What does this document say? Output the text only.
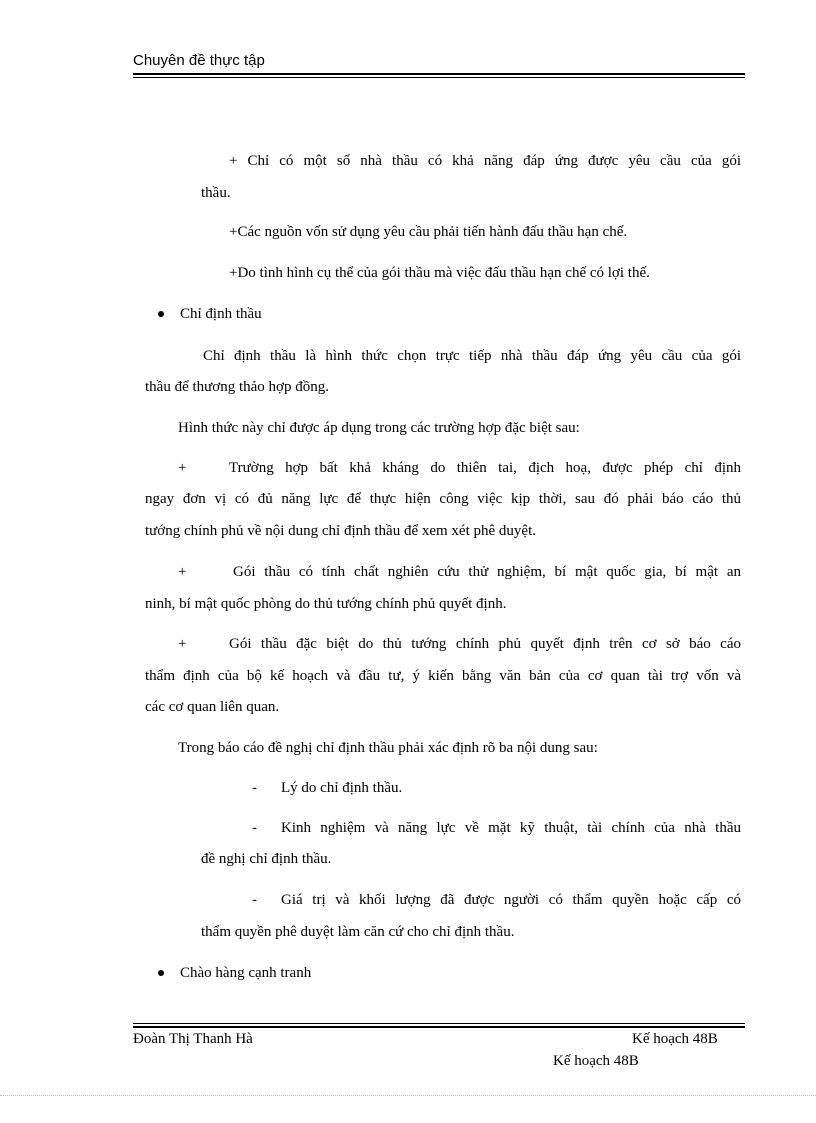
Chuyên đề thực tập
+ Chỉ có một số nhà thầu có khả năng đáp ứng được yêu cầu của gói
thầu.
+Các nguồn vốn sử dụng yêu cầu phải tiến hành đấu thầu hạn chế.
+Do tình hình cụ thể của gói thầu mà việc đấu thầu hạn chế có lợi thế.
Chỉ định thầu
Chỉ định thầu là hình thức chọn trực tiếp nhà thầu đáp ứng yêu cầu của gói
thầu để thương thảo hợp đồng.
Hình thức này chỉ được áp dụng trong các trường hợp đặc biệt sau:
+	Trường hợp bất khả kháng do thiên tai, địch hoạ, được phép chỉ định
ngay đơn vị có đủ năng lực để thực hiện công việc kịp thời, sau đó phải báo cáo thủ
tướng chính phủ về nội dung chỉ định thầu để xem xét phê duyệt.
+	Gói thầu có tính chất nghiên cứu thử nghiệm, bí mật quốc gia, bí mật an
ninh, bí mật quốc phòng do thủ tướng chính phủ quyết định.
+	Gói thầu đặc biệt do thủ tướng chính phủ quyết định trên cơ sở báo cáo
thẩm định của bộ kế hoạch và đầu tư, ý kiến bằng văn bản của cơ quan tài trợ vốn và
các cơ quan liên quan.
Trong báo cáo đề nghị chỉ định thầu phải xác định rõ ba nội dung sau:
- Lý do chỉ định thầu.
- Kinh nghiệm và năng lực về mặt kỹ thuật, tài chính của nhà thầu
đề nghị chỉ định thầu.
- Giá trị và khối lượng đã được người có thẩm quyền hoặc cấp có
thẩm quyền phê duyệt làm căn cứ cho chỉ định thầu.
Chào hàng cạnh tranh
Đoàn Thị Thanh Hà	Kế hoạch 48B
Kế hoạch 48B
